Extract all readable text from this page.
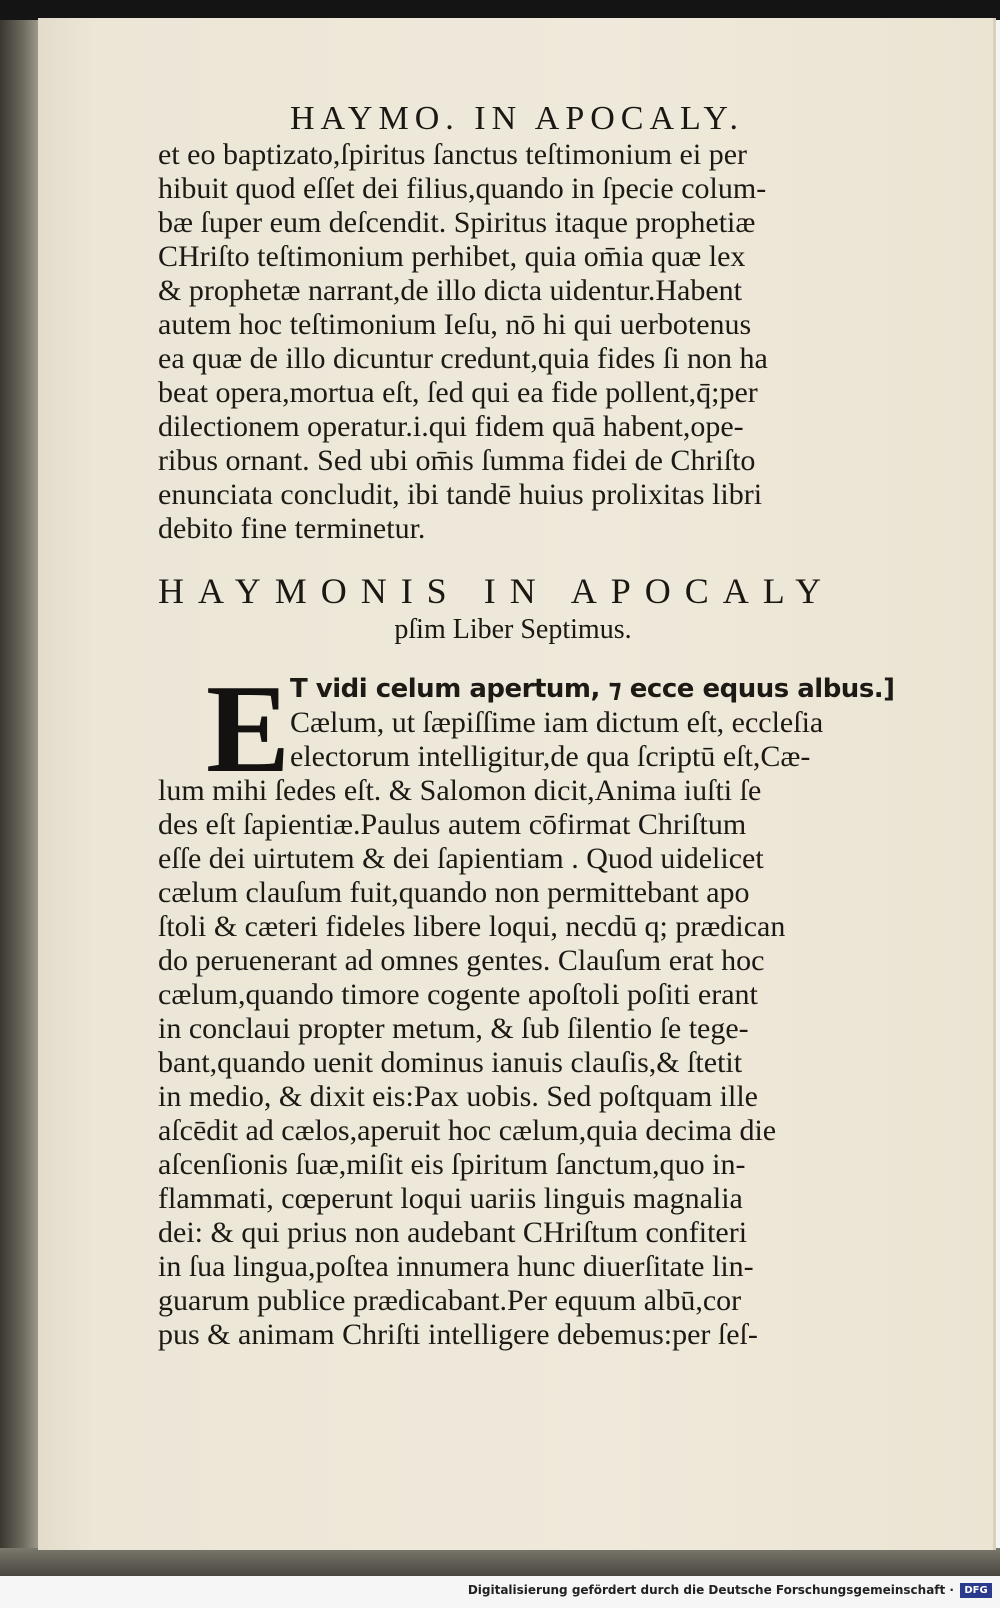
HAYMO. IN APOCALY.
et eo baptizato,ſpiritus ſanctus teſtimonium ei per
hibuit quod eſſet dei filius,quando in ſpecie colum-
bæ ſuper eum deſcendit. Spiritus itaque prophetiæ
CHriſto teſtimonium perhibet, quia om̄ia quæ lex
& prophetæ narrant,de illo dicta uidentur.Habent
autem hoc teſtimonium Ieſu, nō hi qui uerbotenus
ea quæ de illo dicuntur credunt,quia fides ſi non ha
beat opera,mortua eſt, ſed qui ea fide pollent,q̄;per
dilectionem operatur.i.qui fidem quā habent,ope-
ribus ornant. Sed ubi om̄is ſumma fidei de Chriſto
enunciata concludit, ibi tandē huius prolixitas libri
debito fine terminetur.
HAYMONIS IN APOCALY
pſim Liber Septimus.
E T vidi celum apertum, ⁊ ecce equus albus.]
Cælum, ut ſæpiſſime iam dictum eſt, eccleſia
electorum intelligitur,de qua ſcriptū eſt,Cæ-
lum mihi ſedes eſt. & Salomon dicit,Anima iuſti ſe
des eſt ſapientiæ.Paulus autem cōfirmat Chriſtum
eſſe dei uirtutem & dei ſapientiam . Quod uidelicet
cælum clauſum fuit,quando non permittebant apo
ſtoli & cæteri fideles libere loqui, necdū q; prædican
do peruenerant ad omnes gentes. Clauſum erat hoc
cælum,quando timore cogente apoſtoli poſiti erant
in conclaui propter metum, & ſub ſilentio ſe tege-
bant,quando uenit dominus ianuis clauſis,& ſtetit
in medio, & dixit eis:Pax uobis. Sed poſtquam ille
aſcēdit ad cælos,aperuit hoc cælum,quia decima die
aſcenſionis ſuæ,miſit eis ſpiritum ſanctum,quo in-
flammati, cœperunt loqui uariis linguis magnalia
dei: & qui prius non audebant CHriſtum confiteri
in ſua lingua,poſtea innumera hunc diuerſitate lin-
guarum publice prædicabant.Per equum albū,cor
pus & animam Chriſti intelligere debemus:per ſeſ-
Digitalisierung gefördert durch die Deutsche Forschungsgemeinschaft ·	DFG
